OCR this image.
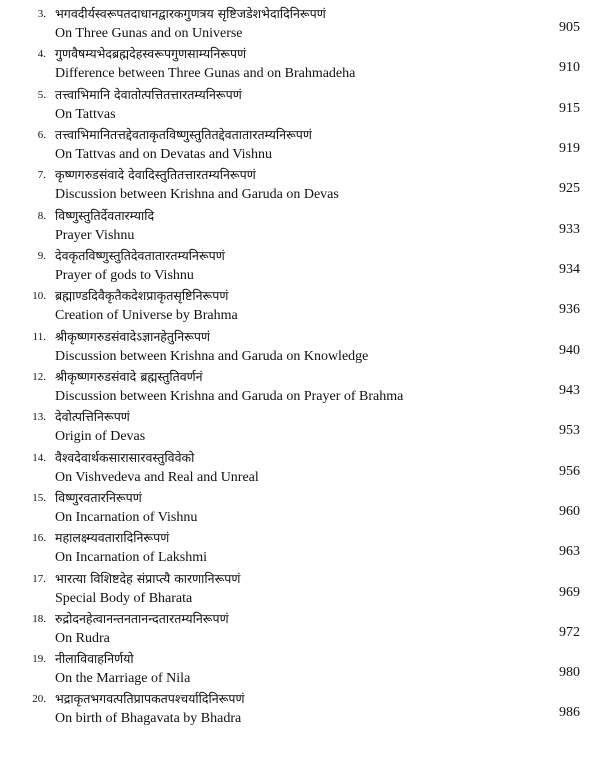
3. भगवदीर्यस्वरूपतदाधानद्वारकगुणत्रय सृष्टिजडेशभेदादिनिरूपणं
On Three Gunas and on Universe	905
4. गुणवैषम्यभेदब्रह्मदेहस्वरूपगुणसाम्यनिरूपणं
Difference between Three Gunas and on Brahmadeha	910
5. तत्त्वाभिमानि देवातोत्पत्तितत्तारतम्यनिरूपणं
On Tattvas	915
6. तत्त्वाभिमानितत्तद्देवताकृतविष्णुस्तुतितद्देवतातारतम्यनिरूपणं
On Tattvas and on Devatas and Vishnu	919
7. कृष्णगरुडसंवादे देवादिस्तुतितत्तारतम्यनिरूपणं
Discussion between Krishna and Garuda on Devas	925
8. विष्णुस्तुतिर्देवतारम्यादि
Prayer Vishnu	933
9. देवकृतविष्णुस्तुतिदेवतातारतम्यनिरूपणं
Prayer of gods to Vishnu	934
10. ब्रह्माण्डदिवैकृतैकदेशप्राकृतसृष्टिनिरूपणं
Creation of Universe by Brahma	936
11. श्रीकृष्णगरुडसंवादेऽज्ञानहेतुनिरूपणं
Discussion between Krishna and Garuda on Knowledge	940
12. श्रीकृष्णगरुडसंवादे ब्रह्मस्तुतिवर्णनं
Discussion between Krishna and Garuda on Prayer of Brahma	943
13. देवोत्पत्तिनिरूपणं
Origin of Devas	953
14. वैश्वदेवार्थकसारासारवस्तुविवेको
On Vishvedeva and Real and Unreal	956
15. विष्णुरवतारनिरूपणं
On Incarnation of Vishnu	960
16. महालक्ष्म्यवतारादिनिरूपणं
On Incarnation of Lakshmi	963
17. भारत्या विशिष्टदेह संप्राप्त्यै कारणानिरूपणं
Special Body of Bharata	969
18. रुद्रोदनहेत्वानन्तनतानन्दतारतम्यनिरूपणं
On Rudra	972
19. नीलाविवाहनिर्णयो
On the Marriage of Nila	980
20. भद्राकृतभगवत्पतिप्रापकतपश्चर्यादिनिरूपणं
On birth of Bhagavata by Bhadra	986
